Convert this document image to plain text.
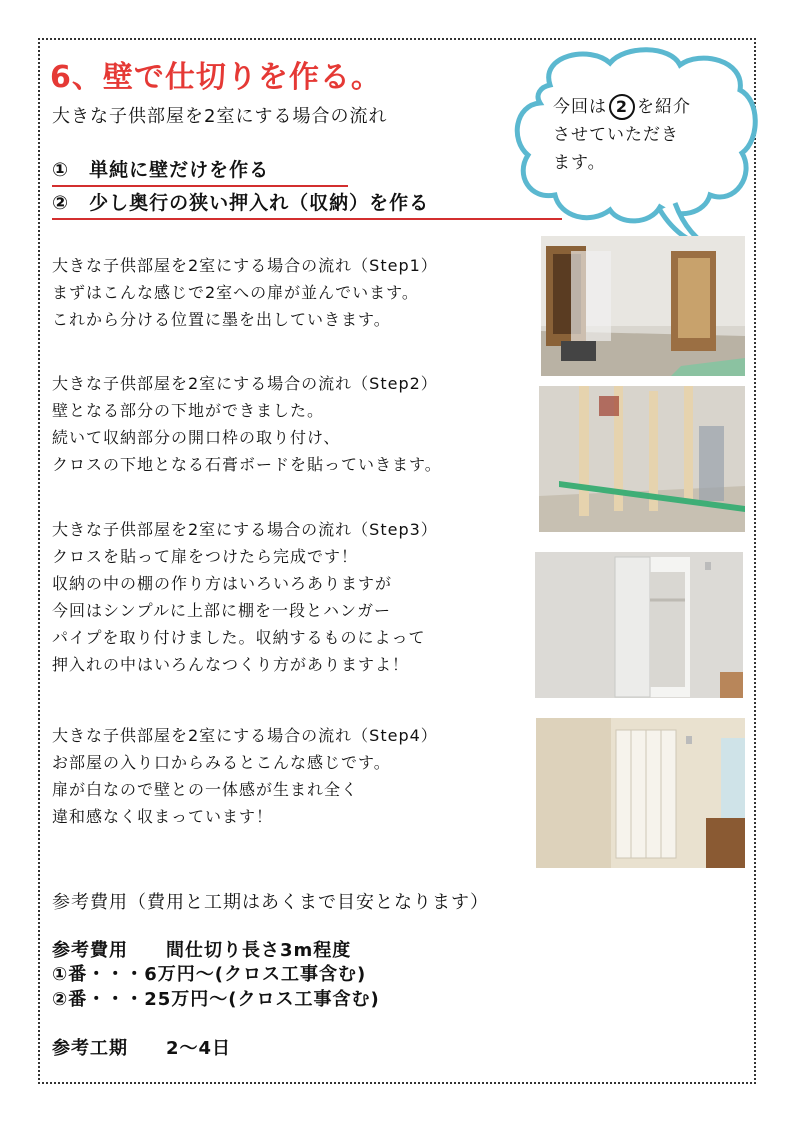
6、壁で仕切りを作る。
大きな子供部屋を2室にする場合の流れ
①　単純に壁だけを作る
②　少し奥行の狭い押入れ（収納）を作る
今回は 2 を紹介
させていただき
ます。
大きな子供部屋を2室にする場合の流れ（Step1）
まずはこんな感じで2室への扉が並んでいます。
これから分ける位置に墨を出していきます。
大きな子供部屋を2室にする場合の流れ（Step2）
壁となる部分の下地ができました。
続いて収納部分の開口枠の取り付け、
クロスの下地となる石膏ボードを貼っていきます。
大きな子供部屋を2室にする場合の流れ（Step3）
クロスを貼って扉をつけたら完成です！
収納の中の棚の作り方はいろいろありますが
今回はシンプルに上部に棚を一段とハンガー
パイプを取り付けました。収納するものによって
押入れの中はいろんなつくり方がありますよ！
大きな子供部屋を2室にする場合の流れ（Step4）
お部屋の入り口からみるとこんな感じです。
扉が白なので壁との一体感が生まれ全く
違和感なく収まっています！
参考費用（費用と工期はあくまで目安となります）
参考費用　　間仕切り長さ3m程度
①番・・・6万円～(クロス工事含む)
②番・・・25万円～(クロス工事含む)
参考工期　　2～4日
